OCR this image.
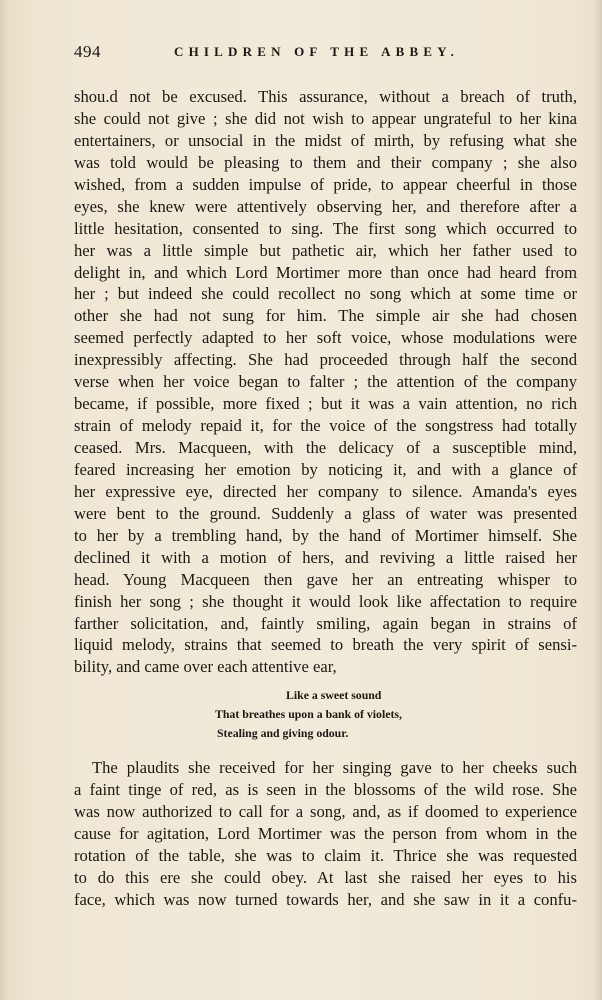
494	CHILDREN OF THE ABBEY.
shou.d not be excused. This assurance, without a breach of truth,
she could not give ; she did not wish to appear ungrateful to her kina
entertainers, or unsocial in the midst of mirth, by refusing what she
was told would be pleasing to them and their company ; she also
wished, from a sudden impulse of pride, to appear cheerful in those
eyes, she knew were attentively observing her, and therefore after a
little hesitation, consented to sing. The first song which occurred to
her was a little simple but pathetic air, which her father used to
delight in, and which Lord Mortimer more than once had heard from
her ; but indeed she could recollect no song which at some time or
other she had not sung for him. The simple air she had chosen
seemed perfectly adapted to her soft voice, whose modulations were
inexpressibly affecting. She had proceeded through half the second
verse when her voice began to falter ; the attention of the company
became, if possible, more fixed ; but it was a vain attention, no rich
strain of melody repaid it, for the voice of the songstress had totally
ceased. Mrs. Macqueen, with the delicacy of a susceptible mind,
feared increasing her emotion by noticing it, and with a glance of
her expressive eye, directed her company to silence. Amanda's eyes
were bent to the ground. Suddenly a glass of water was presented
to her by a trembling hand, by the hand of Mortimer himself. She
declined it with a motion of hers, and reviving a little raised her
head. Young Macqueen then gave her an entreating whisper to
finish her song ; she thought it would look like affectation to require
farther solicitation, and, faintly smiling, again began in strains of
liquid melody, strains that seemed to breath the very spirit of sensi-
bility, and came over each attentive ear,
Like a sweet sound
That breathes upon a bank of violets,
Stealing and giving odour.
The plaudits she received for her singing gave to her cheeks such
a faint tinge of red, as is seen in the blossoms of the wild rose. She
was now authorized to call for a song, and, as if doomed to experience
cause for agitation, Lord Mortimer was the person from whom in the
rotation of the table, she was to claim it. Thrice she was requested
to do this ere she could obey. At last she raised her eyes to his
face, which was now turned towards her, and she saw in it a confu-
